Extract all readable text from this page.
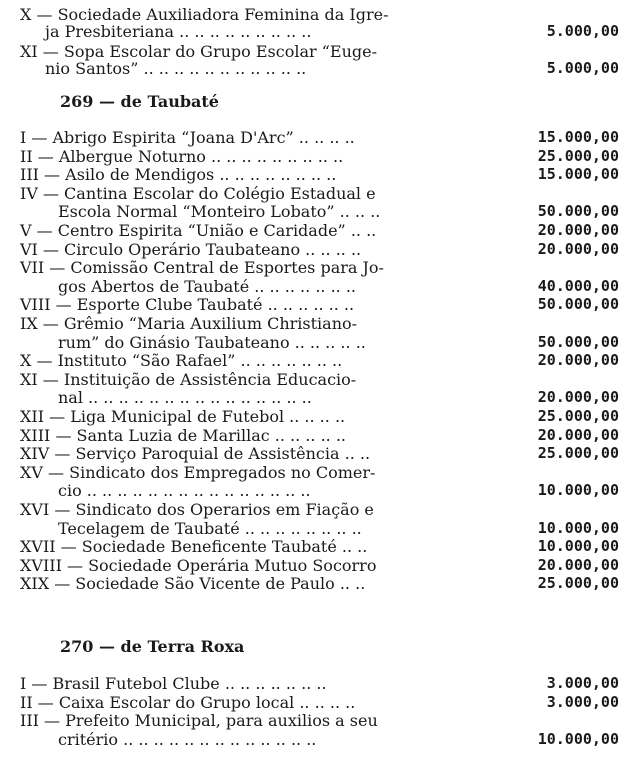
X — Sociedade Auxiliadora Feminina da Igre-
ja Presbiteriana .. .. .. .. .. .. .. .. ..	5.000,00
XI — Sopa Escolar do Grupo Escolar “Euge-
nio Santos” .. .. .. .. .. .. .. .. .. .. ..	5.000,00
269 — de Taubaté
I — Abrigo Espirita “Joana D'Arc” .. .. .. ..	15.000,00
II — Albergue Noturno .. .. .. .. .. .. .. .. ..	25.000,00
III — Asilo de Mendigos .. .. .. .. .. .. .. ..	15.000,00
IV — Cantina Escolar do Colégio Estadual e
Escola Normal “Monteiro Lobato” .. .. ..	50.000,00
V — Centro Espirita “União e Caridade” .. ..	20.000,00
VI — Circulo Operário Taubateano .. .. .. ..	20.000,00
VII — Comissão Central de Esportes para Jo-
gos Abertos de Taubaté .. .. .. .. .. .. ..	40.000,00
VIII — Esporte Clube Taubaté .. .. .. .. .. ..	50.000,00
IX — Grêmio “Maria Auxilium Christiano-
rum” do Ginásio Taubateano .. .. .. .. ..	50.000,00
X — Instituto “São Rafael” .. .. .. .. .. .. ..	20.000,00
XI — Instituição de Assistência Educacio-
nal .. .. .. .. .. .. .. .. .. .. .. .. .. .. ..	20.000,00
XII — Liga Municipal de Futebol .. .. .. ..	25.000,00
XIII — Santa Luzia de Marillac .. .. .. .. ..	20.000,00
XIV — Serviço Paroquial de Assistência .. ..	25.000,00
XV — Sindicato dos Empregados no Comer-
cio .. .. .. .. .. .. .. .. .. .. .. .. .. .. ..	10.000,00
XVI — Sindicato dos Operarios em Fiação e
Tecelagem de Taubaté .. .. .. .. .. .. .. ..	10.000,00
XVII — Sociedade Beneficente Taubaté .. ..	10.000,00
XVIII — Sociedade Operária Mutuo Socorro	20.000,00
XIX — Sociedade São Vicente de Paulo .. ..	25.000,00
270 — de Terra Roxa
I — Brasil Futebol Clube .. .. .. .. .. .. ..	3.000,00
II — Caixa Escolar do Grupo local .. .. .. ..	3.000,00
III — Prefeito Municipal, para auxilios a seu
critério .. .. .. .. .. .. .. .. .. .. .. .. ..	10.000,00
